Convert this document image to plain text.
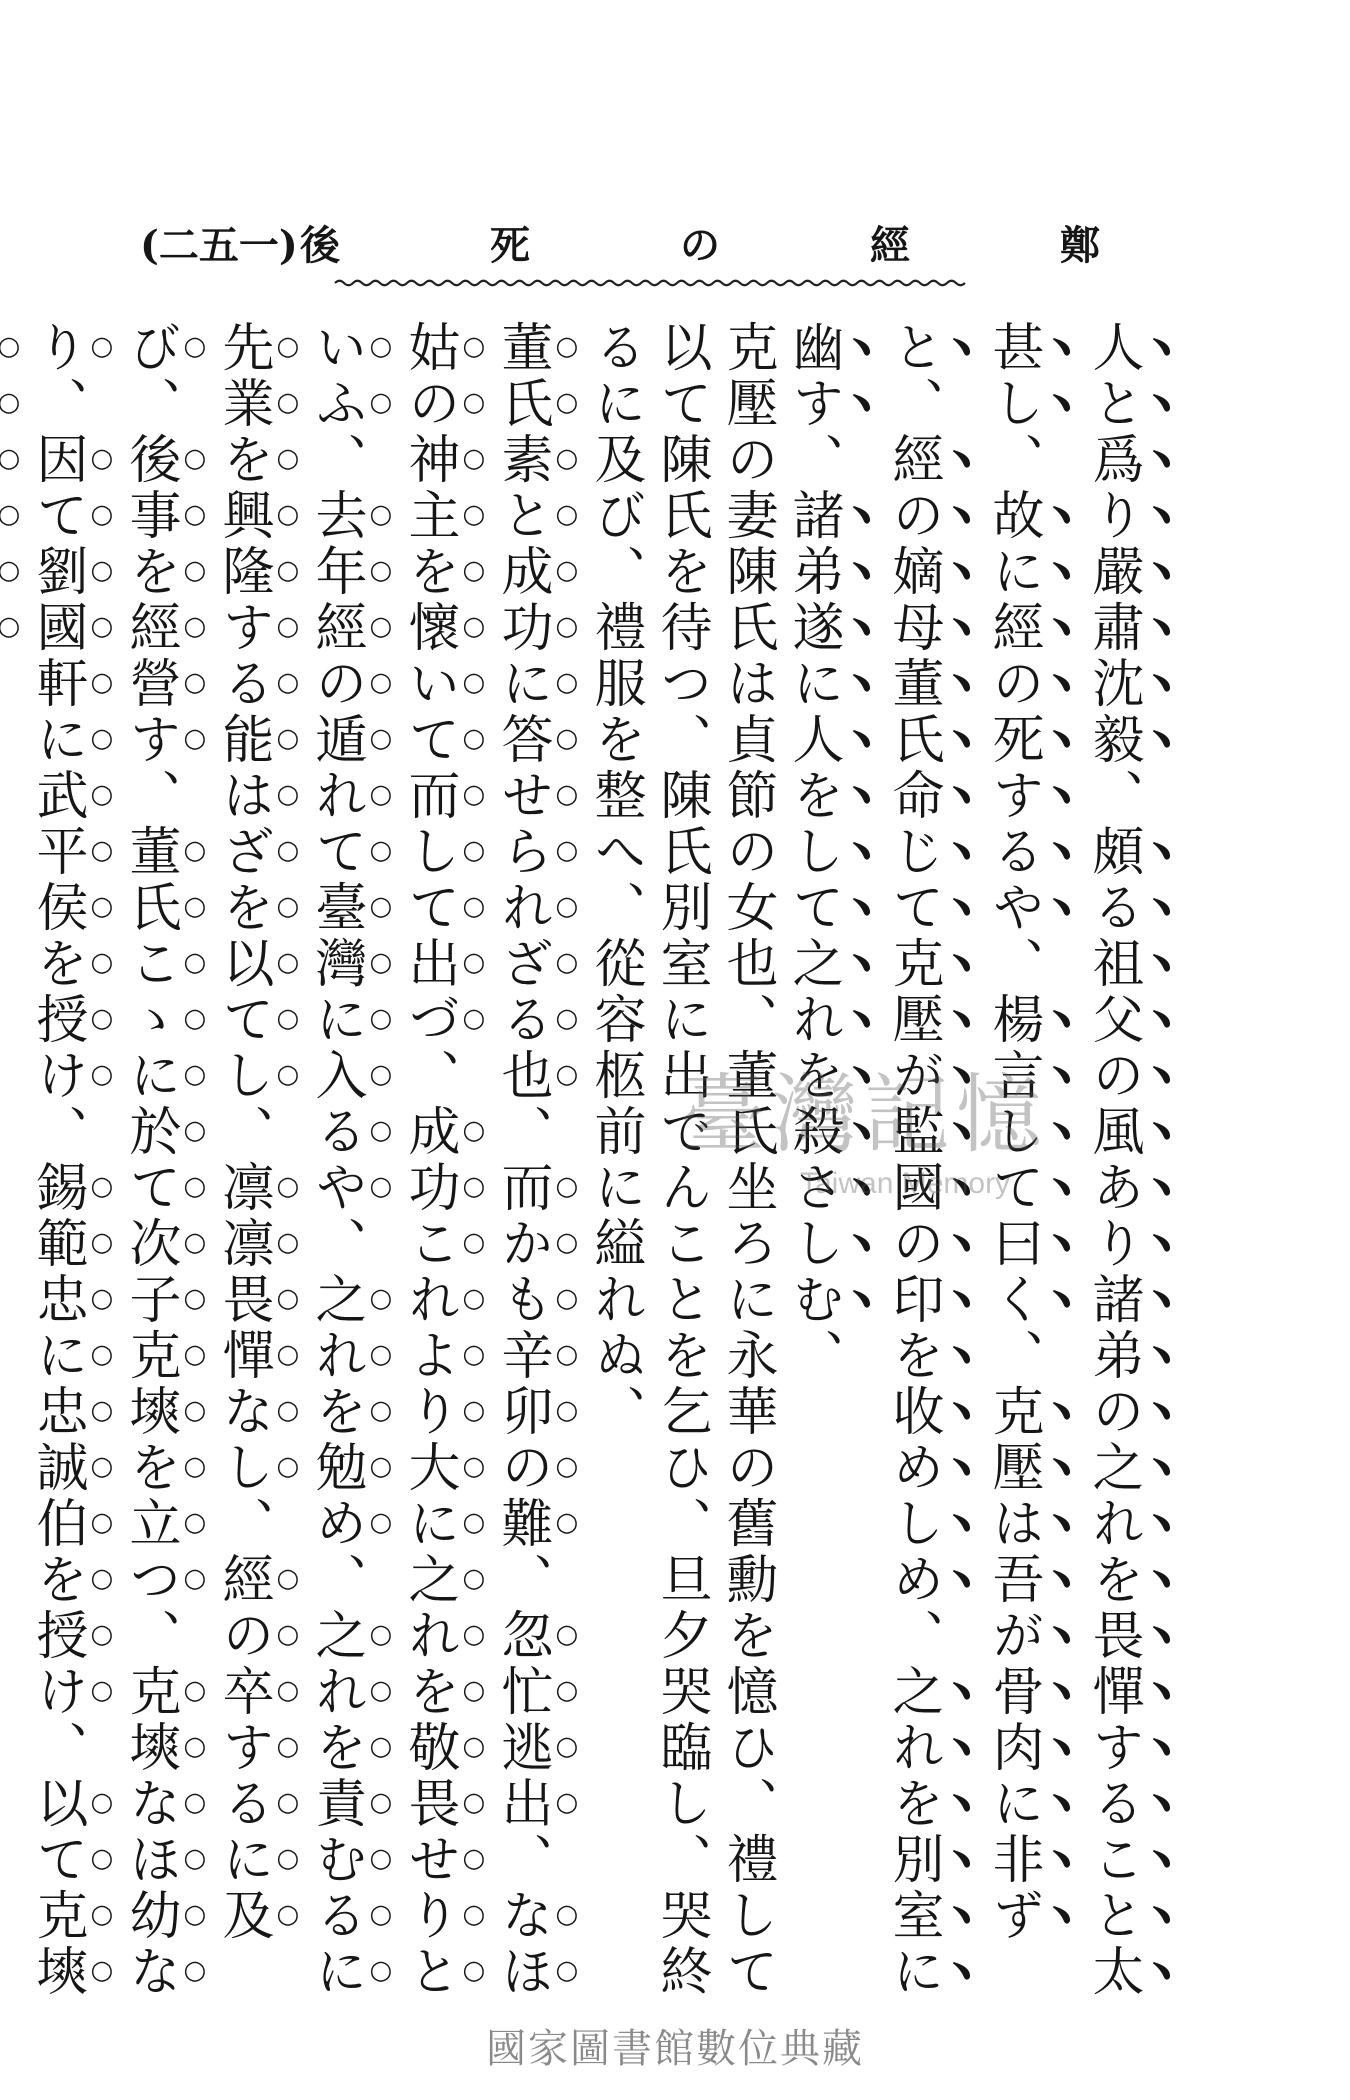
鄭
經
の
死
後
(二五一)

人と爲り嚴肅沈毅、頗る祖父の風あり諸弟の之れを畏憚すること太甚し、故に經の死するや、楊言して曰く、克壓は吾が骨肉に非ずと、經の嫡母董氏命じて克壓が監國の印を收めしめ、之れを別室に幽す、諸弟遂に人をして之れを殺さしむ、

克壓の妻陳氏は貞節の女也、董氏坐ろに永華の舊勳を憶ひ、禮して以て陳氏を待つ、陳氏別室に出でんことを乞ひ、旦夕哭臨し、哭終るに及び、禮服を整へ、從容柩前に縊れぬ、

董氏素と成功に答せられざる也、而かも辛卯の難、忽忙逃出、なほ姑の神主を懷いて而して出づ、成功これより大に之れを敬畏せりといふ、去年經の遁れて臺灣に入るや、之れを勉め、之れを責むるに先業を興隆する能はざを以てし、凛凛畏憚なし、經の卒するに及び、後事を經營す、董氏こゝに於て次子克塽を立つ、克塽なほ幼なり、因て劉國軒に武平侯を授け、錫範忠に忠誠伯を授け、以て克塽

臺灣記憶
Taiwan Memory
國家圖書館數位典藏
